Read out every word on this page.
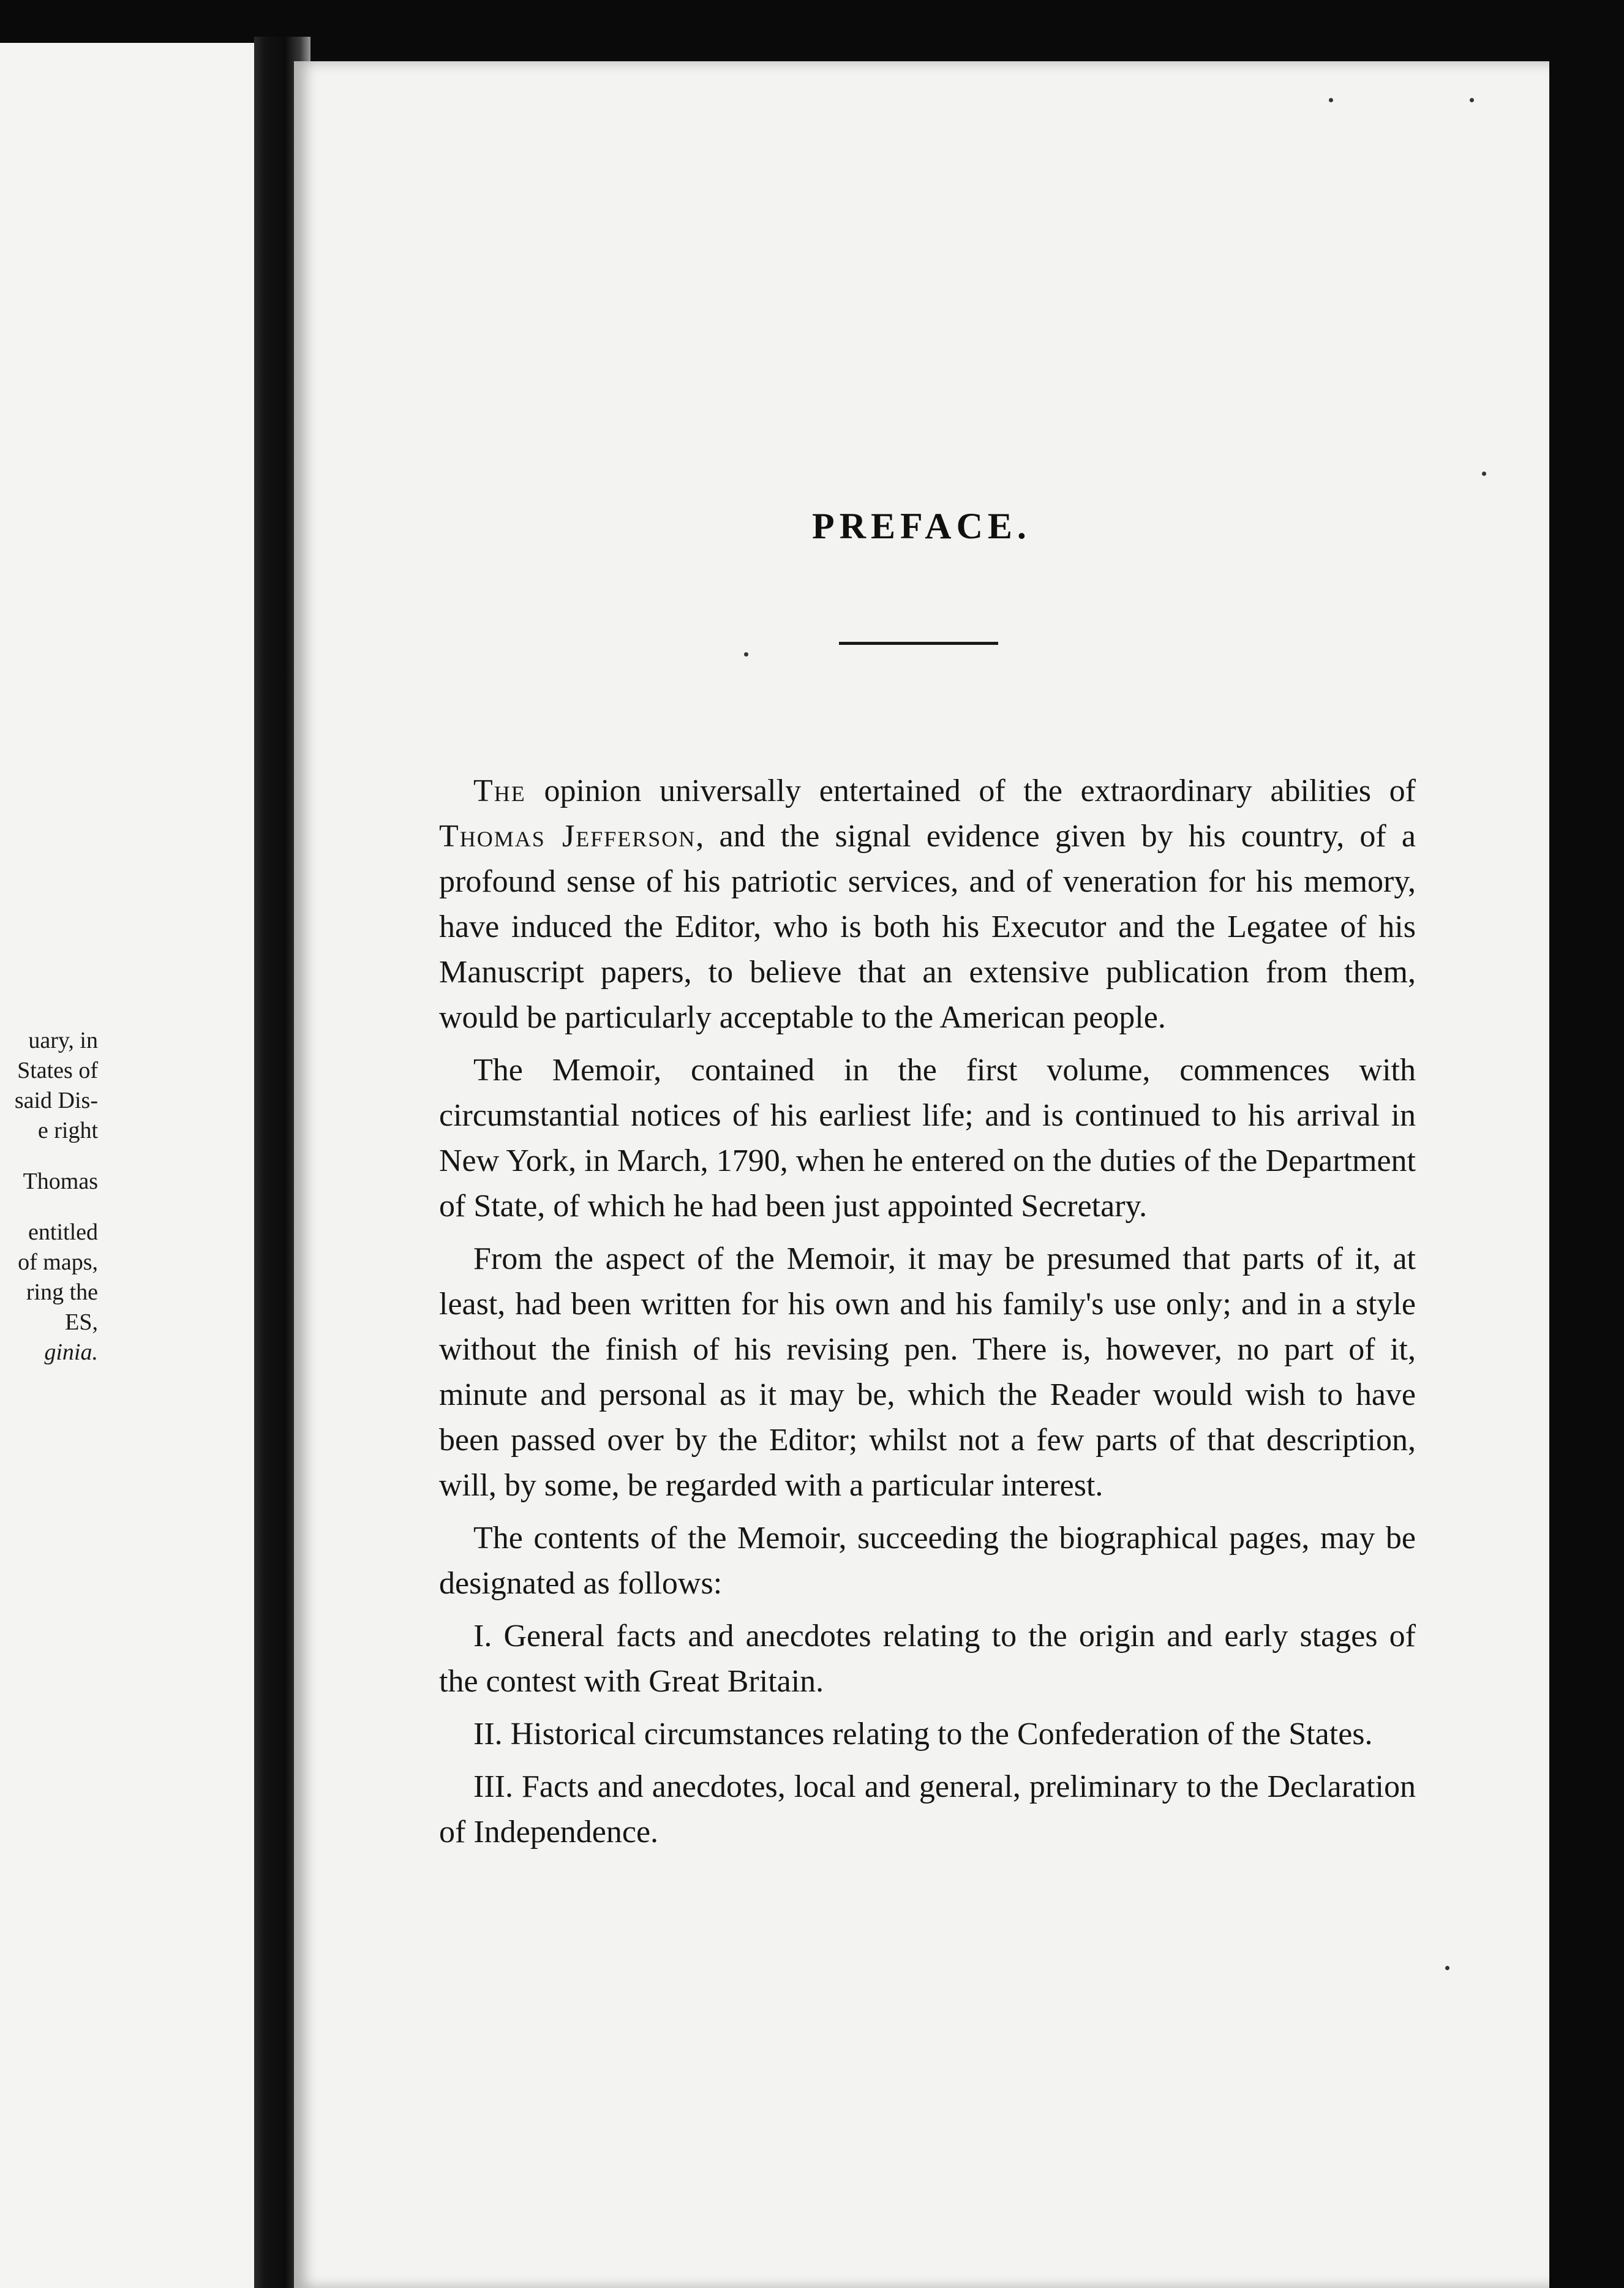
uary, in
States of
said Dis-
e right
Thomas
entitled
of maps,
ring the
ES,
ginia.
PREFACE.

The opinion universally entertained of the extraordinary abilities of Thomas Jefferson, and the signal evidence given by his country, of a profound sense of his patriotic services, and of veneration for his memory, have induced the Editor, who is both his Executor and the Legatee of his Manuscript papers, to believe that an extensive publication from them, would be particularly acceptable to the American people.

The Memoir, contained in the first volume, commences with circumstantial notices of his earliest life; and is continued to his arrival in New York, in March, 1790, when he entered on the duties of the Department of State, of which he had been just appointed Secretary.

From the aspect of the Memoir, it may be presumed that parts of it, at least, had been written for his own and his family's use only; and in a style without the finish of his revising pen. There is, however, no part of it, minute and personal as it may be, which the Reader would wish to have been passed over by the Editor; whilst not a few parts of that description, will, by some, be regarded with a particular interest.

The contents of the Memoir, succeeding the biographical pages, may be designated as follows:

I. General facts and anecdotes relating to the origin and early stages of the contest with Great Britain.

II. Historical circumstances relating to the Confederation of the States.

III. Facts and anecdotes, local and general, preliminary to the Declaration of Independence.
